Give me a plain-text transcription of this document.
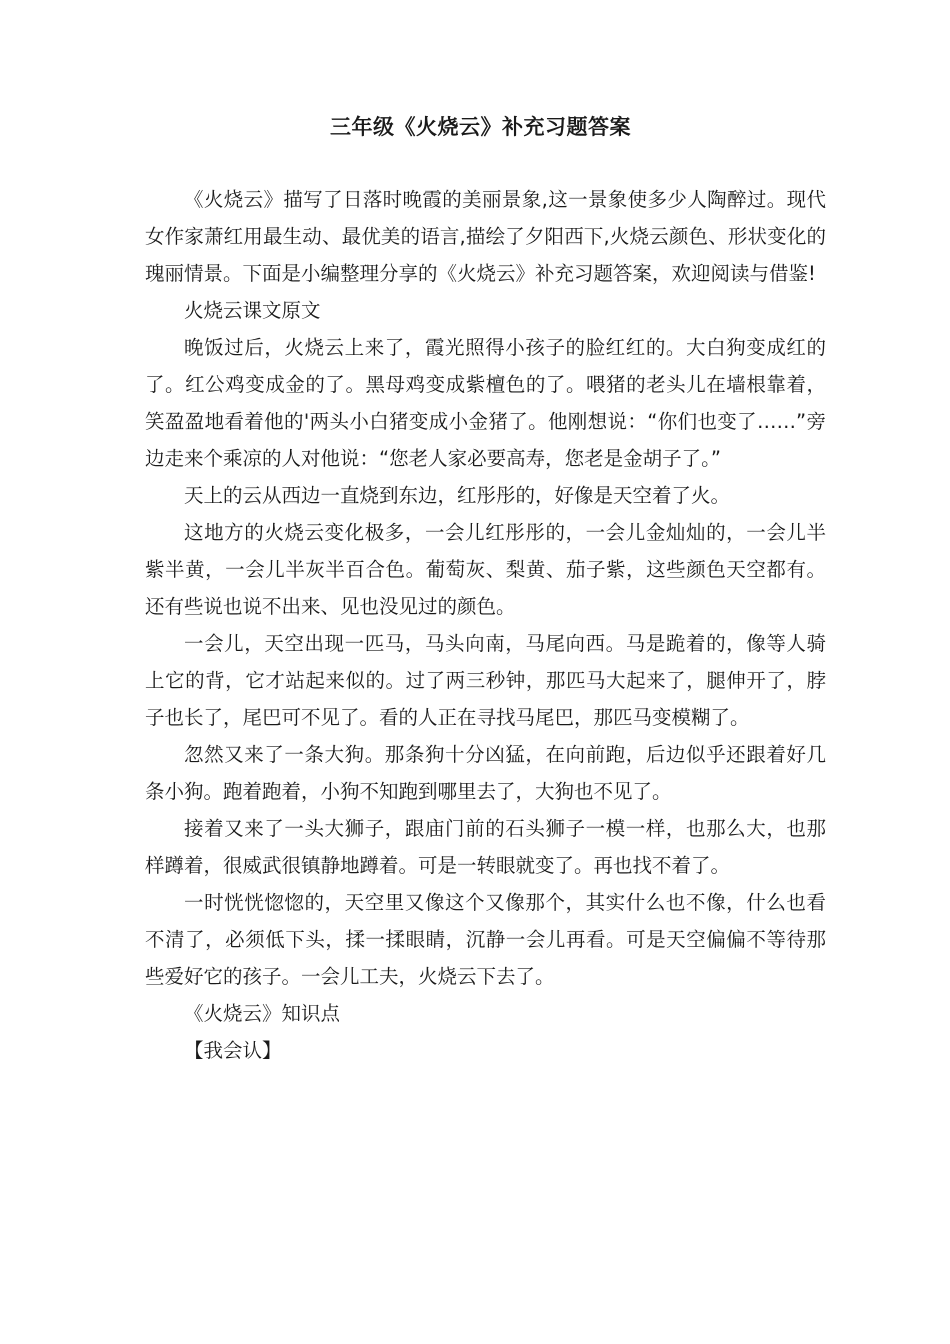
三年级《火烧云》补充习题答案

《火烧云》描写了日落时晚霞的美丽景象,这一景象使多少人陶醉过。现代女作家萧红用最生动、最优美的语言,描绘了夕阳西下,火烧云颜色、形状变化的瑰丽情景。下面是小编整理分享的《火烧云》补充习题答案，欢迎阅读与借鉴!

火烧云课文原文

晚饭过后，火烧云上来了，霞光照得小孩子的脸红红的。大白狗变成红的了。红公鸡变成金的了。黑母鸡变成紫檀色的了。喂猪的老头儿在墙根靠着，笑盈盈地看着他的'两头小白猪变成小金猪了。他刚想说：“你们也变了……”旁边走来个乘凉的人对他说：“您老人家必要高寿，您老是金胡子了。”

天上的云从西边一直烧到东边，红彤彤的，好像是天空着了火。

这地方的火烧云变化极多，一会儿红彤彤的，一会儿金灿灿的，一会儿半紫半黄，一会儿半灰半百合色。葡萄灰、梨黄、茄子紫，这些颜色天空都有。还有些说也说不出来、见也没见过的颜色。

一会儿，天空出现一匹马，马头向南，马尾向西。马是跪着的，像等人骑上它的背，它才站起来似的。过了两三秒钟，那匹马大起来了，腿伸开了，脖子也长了，尾巴可不见了。看的人正在寻找马尾巴，那匹马变模糊了。

忽然又来了一条大狗。那条狗十分凶猛，在向前跑，后边似乎还跟着好几条小狗。跑着跑着，小狗不知跑到哪里去了，大狗也不见了。

接着又来了一头大狮子，跟庙门前的石头狮子一模一样，也那么大，也那样蹲着，很威武很镇静地蹲着。可是一转眼就变了。再也找不着了。

一时恍恍惚惚的，天空里又像这个又像那个，其实什么也不像，什么也看不清了，必须低下头，揉一揉眼睛，沉静一会儿再看。可是天空偏偏不等待那些爱好它的孩子。一会儿工夫，火烧云下去了。

《火烧云》知识点

【我会认】
